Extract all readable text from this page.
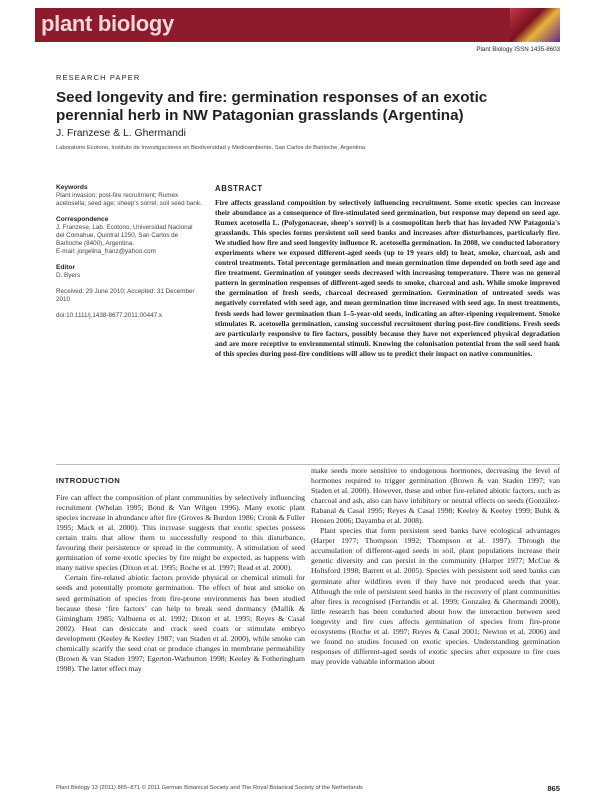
plant biology
Plant Biology ISSN 1435-8603
RESEARCH PAPER
Seed longevity and fire: germination responses of an exotic perennial herb in NW Patagonian grasslands (Argentina)
J. Franzese & L. Ghermandi
Laboratorio Ecotono, Instituto de Investigaciones en Biodiversidad y Medioambiente, San Carlos de Bariloche, Argentina

Keywords

Plant invasion; post-fire recruitment; Rumex acetosella; seed age; sheep's sorrel; soil seed bank.

Correspondence

J. Franzese, Lab. Ecotono, Universidad Nacional del Comahue, Quintral 1250, San Carlos de Bariloche (8400), Argentina.

E-mail: jorgelina_franz@yahoo.com

Editor

D. Byers

Received: 29 June 2010; Accepted: 31 December 2010

doi:10.1111/j.1438-8677.2011.00447.x

ABSTRACT

Fire affects grassland composition by selectively influencing recruitment. Some exotic species can increase their abundance as a consequence of fire-stimulated seed germination, but response may depend on seed age. Rumex acetosella L. (Polygonaceae, sheep's sorrel) is a cosmopolitan herb that has invaded NW Patagonia's grasslands. This species forms persistent soil seed banks and increases after disturbances, particularly fire. We studied how fire and seed longevity influence R. acetosella germination. In 2008, we conducted laboratory experiments where we exposed different-aged seeds (up to 19 years old) to heat, smoke, charcoal, ash and control treatments. Total percentage germination and mean germination time depended on both seed age and fire treatment. Germination of younger seeds decreased with increasing temperature. There was no general pattern in germination responses of different-aged seeds to smoke, charcoal and ash. While smoke improved the germination of fresh seeds, charcoal decreased germination. Germination of untreated seeds was negatively correlated with seed age, and mean germination time increased with seed age. In most treatments, fresh seeds had lower germination than 1–5-year-old seeds, indicating an after-ripening requirement. Smoke stimulates R. acetosella germination, causing successful recruitment during post-fire conditions. Fresh seeds are particularly responsive to fire factors, possibly because they have not experienced physical degradation and are more receptive to environmental stimuli. Knowing the colonisation potential from the soil seed bank of this species during post-fire conditions will allow us to predict their impact on native communities.

INTRODUCTION

Fire can affect the composition of plant communities by selectively influencing recruitment (Whelan 1995; Bond & Van Wilgen 1996). Many exotic plant species increase in abundance after fire (Groves & Burdon 1986; Cronk & Fuller 1995; Mack et al. 2000). This increase suggests that exotic species possess certain traits that allow them to successfully respond to this disturbance, favouring their persistence or spread in the community. A stimulation of seed germination of some exotic species by fire might be expected, as happens with many native species (Dixon et al. 1995; Roche et al. 1997; Read et al. 2000).

Certain fire-related abiotic factors provide physical or chemical stimuli for seeds and potentially promote germination. The effect of heat and smoke on seed germination of species from fire-prone environments has been studied because these ‘fire factors’ can help to break seed dormancy (Mallik & Gimingham 1985; Valbuena et al. 1992; Dixon et al. 1995; Reyes & Casal 2002). Heat can desiccate and crack seed coats or stimulate embryo development (Keeley & Keeley 1987; van Staden et al. 2000), while smoke can chemically scarify the seed coat or produce changes in membrane permeability (Brown & van Staden 1997; Egerton-Warburton 1998; Keeley & Fotheringham 1998). The latter effect may

make seeds more sensitive to endogenous hormones, decreasing the level of hormones required to trigger germination (Brown & van Staden 1997; van Staden et al. 2000). However, these and other fire-related abiotic factors, such as charcoal and ash, also can have inhibitory or neutral effects on seeds (González-Rabanal & Casal 1995; Reyes & Casal 1998; Keeley & Keeley 1999; Buhk & Hensen 2006; Dayamba et al. 2008).

Plant species that form persistent seed banks have ecological advantages (Harper 1977; Thompson 1992; Thompson et al. 1997). Through the accumulation of different-aged seeds in soil, plant populations increase their genetic diversity and can persist in the community (Harper 1977; McCue & Holtsford 1998; Barrett et al. 2005). Species with persistent soil seed banks can germinate after wildfires even if they have not produced seeds that year. Although the role of persistent seed banks in the recovery of plant communities after fires is recognised (Ferrandis et al. 1999; Gonzalez & Ghermandi 2008), little research has been conducted about how the interaction between seed longevity and fire cues affects germination of species from fire-prone ecosystems (Roche et al. 1997; Reyes & Casal 2001; Newton et al. 2006) and we found no studies focused on exotic species. Understanding germination responses of different-aged seeds of exotic species after exposure to fire cues may provide valuable information about

Plant Biology 13 (2011) 865–871 © 2011 German Botanical Society and The Royal Botanical Society of the Netherlands	865
